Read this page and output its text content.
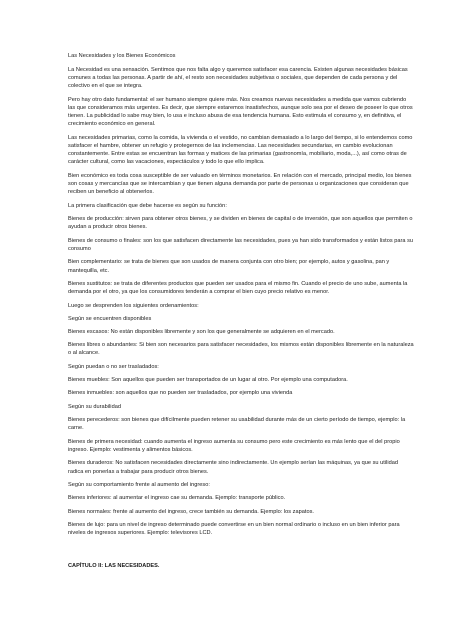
Las Necesidades y los Bienes Económicos

La Necesidad es una sensación. Sentimos que nos falta algo y queremos satisfacer esa carencia. Existen algunas necesidades básicas comunes a todas las personas. A partir de ahí, el resto son necesidades subjetivas o sociales, que dependen de cada persona y del colectivo en el que se integra.

Pero hay otro dato fundamental: el ser humano siempre quiere más. Nos creamos nuevas necesidades a medida que vamos cubriendo las que consideramos más urgentes. Es decir, que siempre estaremos insatisfechos, aunque solo sea por el deseo de poseer lo que otros tienen. La publicidad lo sabe muy bien, lo usa e incluso abusa de esa tendencia humana. Esto estimula el consumo y, en definitiva, el crecimiento económico en general.

Las necesidades primarias, como la comida, la vivienda o el vestido, no cambian demasiado a lo largo del tiempo, si lo entendemos como satisfacer el hambre, obtener un refugio y protegernos de las inclemencias. Las necesidades secundarias, en cambio evolucionan constantemente. Entre estas se encuentran las formas y matices de las primarias (gastronomía, mobiliario, moda,...), así como otras de carácter cultural, como las vacaciones, espectáculos y todo lo que ello implica.

Bien económico es toda cosa susceptible de ser valuado en términos monetarios. En relación con el mercado, principal medio, los bienes son cosas y mercancías que se intercambian y que tienen alguna demanda por parte de personas u organizaciones que consideran que reciben un beneficio al obtenerlos.

La primera clasificación que debe hacerse es según su función:

Bienes de producción: sirven para obtener otros bienes, y se dividen en bienes de capital o de inversión, que son aquellos que permiten o ayudan a producir otros bienes.

Bienes de consumo o finales: son los que satisfacen directamente las necesidades, pues ya han sido transformados y están listos para su consumo

Bien complementario: se trata de bienes que son usados de manera conjunta con otro bien; por ejemplo, autos y gasolina, pan y mantequilla, etc.

Bienes sustitutos: se trata de diferentes productos que pueden ser usados para el mismo fin. Cuando el precio de uno sube, aumenta la demanda por el otro, ya que los consumidores tenderán a comprar el bien cuyo precio relativo es menor.

Luego se desprenden los siguientes ordenamientos:

Según se encuentren disponibles

Bienes escasos: No están disponibles libremente y son los que generalmente se adquieren en el mercado.

Bienes libres o abundantes: Si bien son necesarios para satisfacer necesidades, los mismos están disponibles libremente en la naturaleza o al alcance.

Según puedan o no ser trasladados:

Bienes muebles: Son aquellos que pueden ser transportados de un lugar al otro. Por ejemplo una computadora.

Bienes inmuebles: son aquellos que no pueden ser trasladados, por ejemplo una vivienda

Según su durabilidad

Bienes perecederos: son bienes que difícilmente pueden retener su usabilidad durante más de un cierto período de tiempo, ejemplo: la carne.

Bienes de primera necesidad: cuando aumenta el ingreso aumenta su consumo pero este crecimiento es más lento que el del propio ingreso. Ejemplo: vestimenta y alimentos básicos.

Bienes duraderos: No satisfacen necesidades directamente sino indirectamente. Un ejemplo serían las máquinas, ya que su utilidad radica en ponerlas a trabajar para producir otros bienes.

Según su comportamiento frente al aumento del ingreso:

Bienes inferiores: al aumentar el ingreso cae su demanda. Ejemplo: transporte público.

Bienes normales: frente al aumento del ingreso, crece también su demanda. Ejemplo: los zapatos.

Bienes de lujo: para un nivel de ingreso determinado puede convertirse en un bien normal ordinario o incluso en un bien inferior para niveles de ingresos superiores. Ejemplo: televisores LCD.

CAPÍTULO II: LAS NECESIDADES.
